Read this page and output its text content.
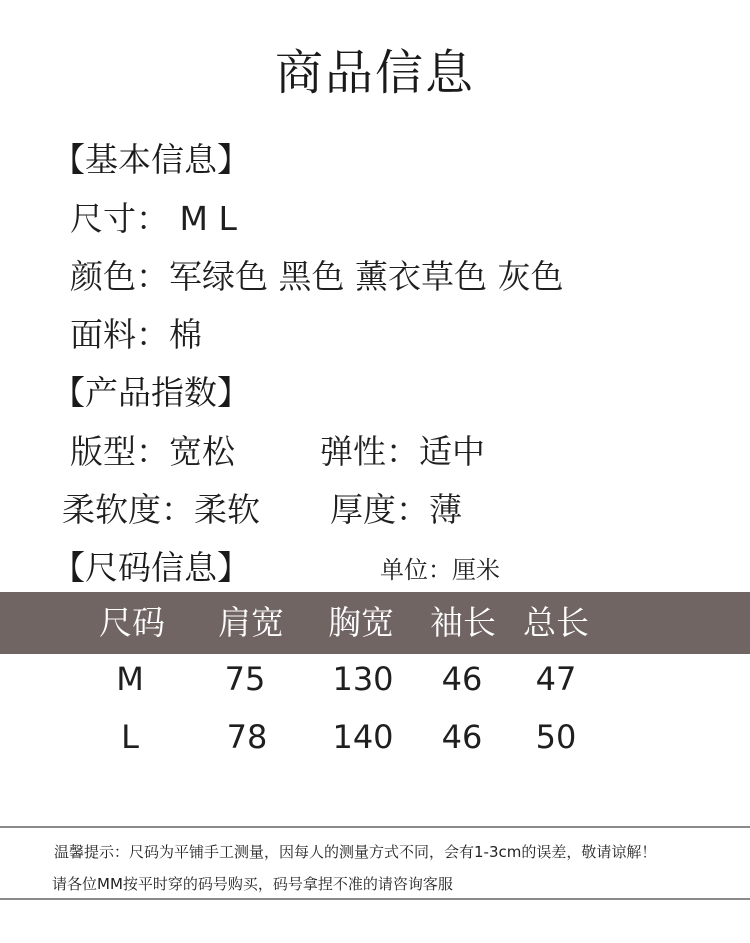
商品信息
【基本信息】
尺寸： M L
颜色：军绿色 黑色 薰衣草色 灰色
面料：棉
【产品指数】
版型：宽松	弹性：适中
柔软度：柔软 厚度：薄
【尺码信息】	单位：厘米
尺码	肩宽	胸宽	袖长 总长
M	75	130	46	47
L	78	140	46	50
温馨提示：尺码为平铺手工测量，因每人的测量方式不同，会有1-3cm的误差，敬请谅解！
请各位MM按平时穿的码号购买，码号拿捏不准的请咨询客服
